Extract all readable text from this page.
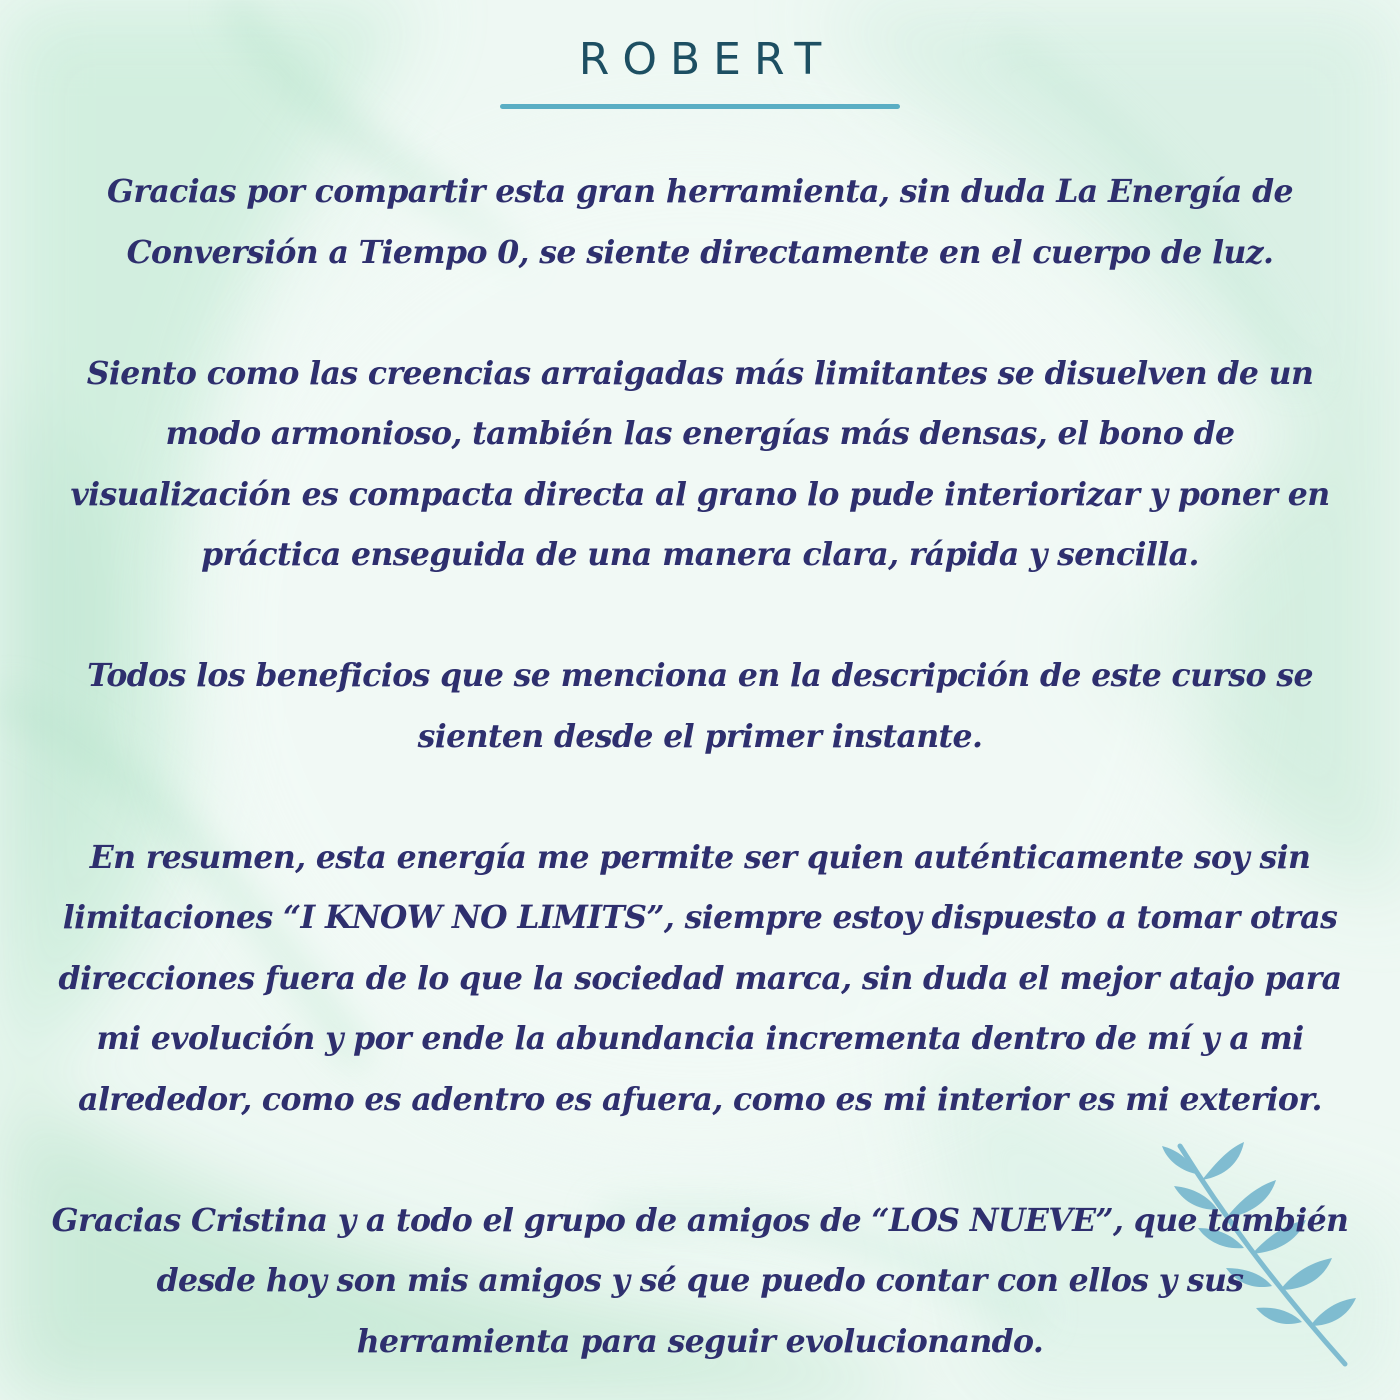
ROBERT

Gracias por compartir esta gran herramienta, sin duda La Energía de
Conversión a Tiempo 0, se siente directamente en el cuerpo de luz.

Siento como las creencias arraigadas más limitantes se disuelven de un
modo armonioso, también las energías más densas, el bono de
visualización es compacta directa al grano lo pude interiorizar y poner en
práctica enseguida de una manera clara, rápida y sencilla.

Todos los beneficios que se menciona en la descripción de este curso se
sienten desde el primer instante.

En resumen, esta energía me permite ser quien auténticamente soy sin
limitaciones “I KNOW NO LIMITS”, siempre estoy dispuesto a tomar otras
direcciones fuera de lo que la sociedad marca, sin duda el mejor atajo para
mi evolución y por ende la abundancia incrementa dentro de mí y a mi
alrededor, como es adentro es afuera, como es mi interior es mi exterior.

Gracias Cristina y a todo el grupo de amigos de “LOS NUEVE”, que también
desde hoy son mis amigos y sé que puedo contar con ellos y sus
herramienta para seguir evolucionando.
